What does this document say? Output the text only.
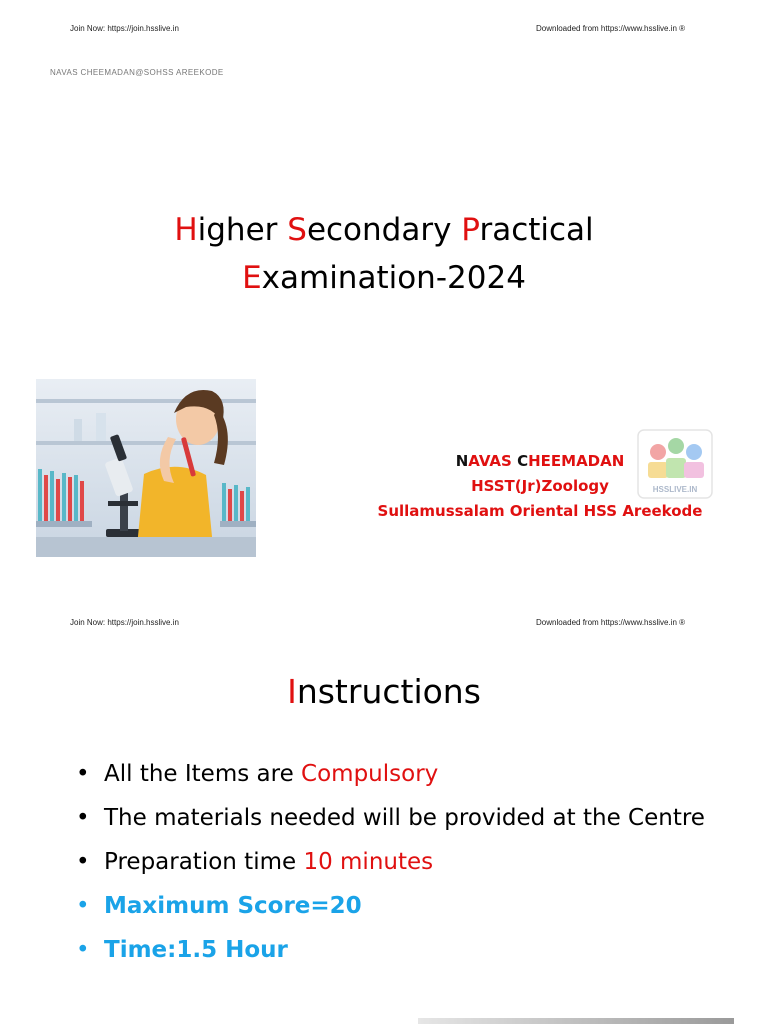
Join Now: https://join.hsslive.in	Downloaded from https://www.hsslive.in ®
NAVAS CHEEMADAN@SOHSS AREEKODE
Higher Secondary Practical
Examination-2024
HSSLIVE.IN
NAVAS CHEEMADAN
HSST(Jr)Zoology
Sullamussalam Oriental HSS Areekode
Join Now: https://join.hsslive.in	Downloaded from https://www.hsslive.in ®
Instructions
• All the Items are Compulsory
• The materials needed will be provided at the Centre
• Preparation time 10 minutes
• Maximum Score=20
• Time:1.5 Hour
